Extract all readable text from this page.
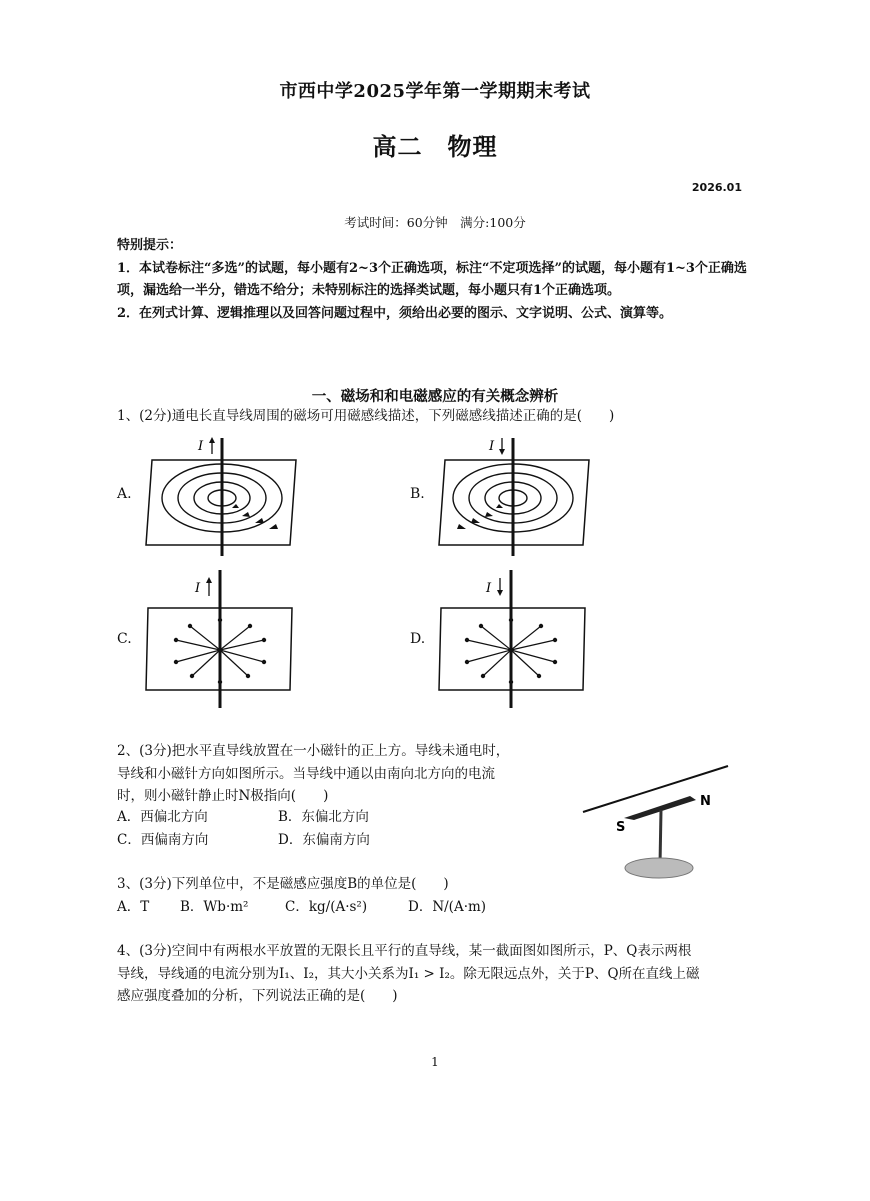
市西中学2025学年第一学期期末考试
高二　物理
2026.01
考试时间：60分钟　满分:100分
特别提示：
1．本试卷标注“多选”的试题，每小题有2~3个正确选项，标注“不定项选择”的试题，每小题有1~3个正确选项，漏选给一半分，错选不给分；未特别标注的选择类试题，每小题只有1个正确选项。
2．在列式计算、逻辑推理以及回答问题过程中，须给出必要的图示、文字说明、公式、演算等。
一、磁场和和电磁感应的有关概念辨析
1、(2分)通电长直导线周围的磁场可用磁感线描述，下列磁感线描述正确的是(　　)
A.	B.
C.	D.
I	I
I	I
2、(3分)把水平直导线放置在一小磁针的正上方。导线未通电时，
导线和小磁针方向如图所示。当导线中通以由南向北方向的电流
时，则小磁针静止时N极指向(　　)
A．西偏北方向	B．东偏北方向
C．西偏南方向	D．东偏南方向
N
S
3、(3分)下列单位中，不是磁感应强度B的单位是(　　)
A．T B．Wb·m²	C．kg/(A·s²)	D．N/(A·m)
4、(3分)空间中有两根水平放置的无限长且平行的直导线，某一截面图如图所示，P、Q表示两根
导线，导线通的电流分别为I₁、I₂，其大小关系为I₁ > I₂。除无限远点外，关于P、Q所在直线上磁
感应强度叠加的分析，下列说法正确的是(　　)
1
